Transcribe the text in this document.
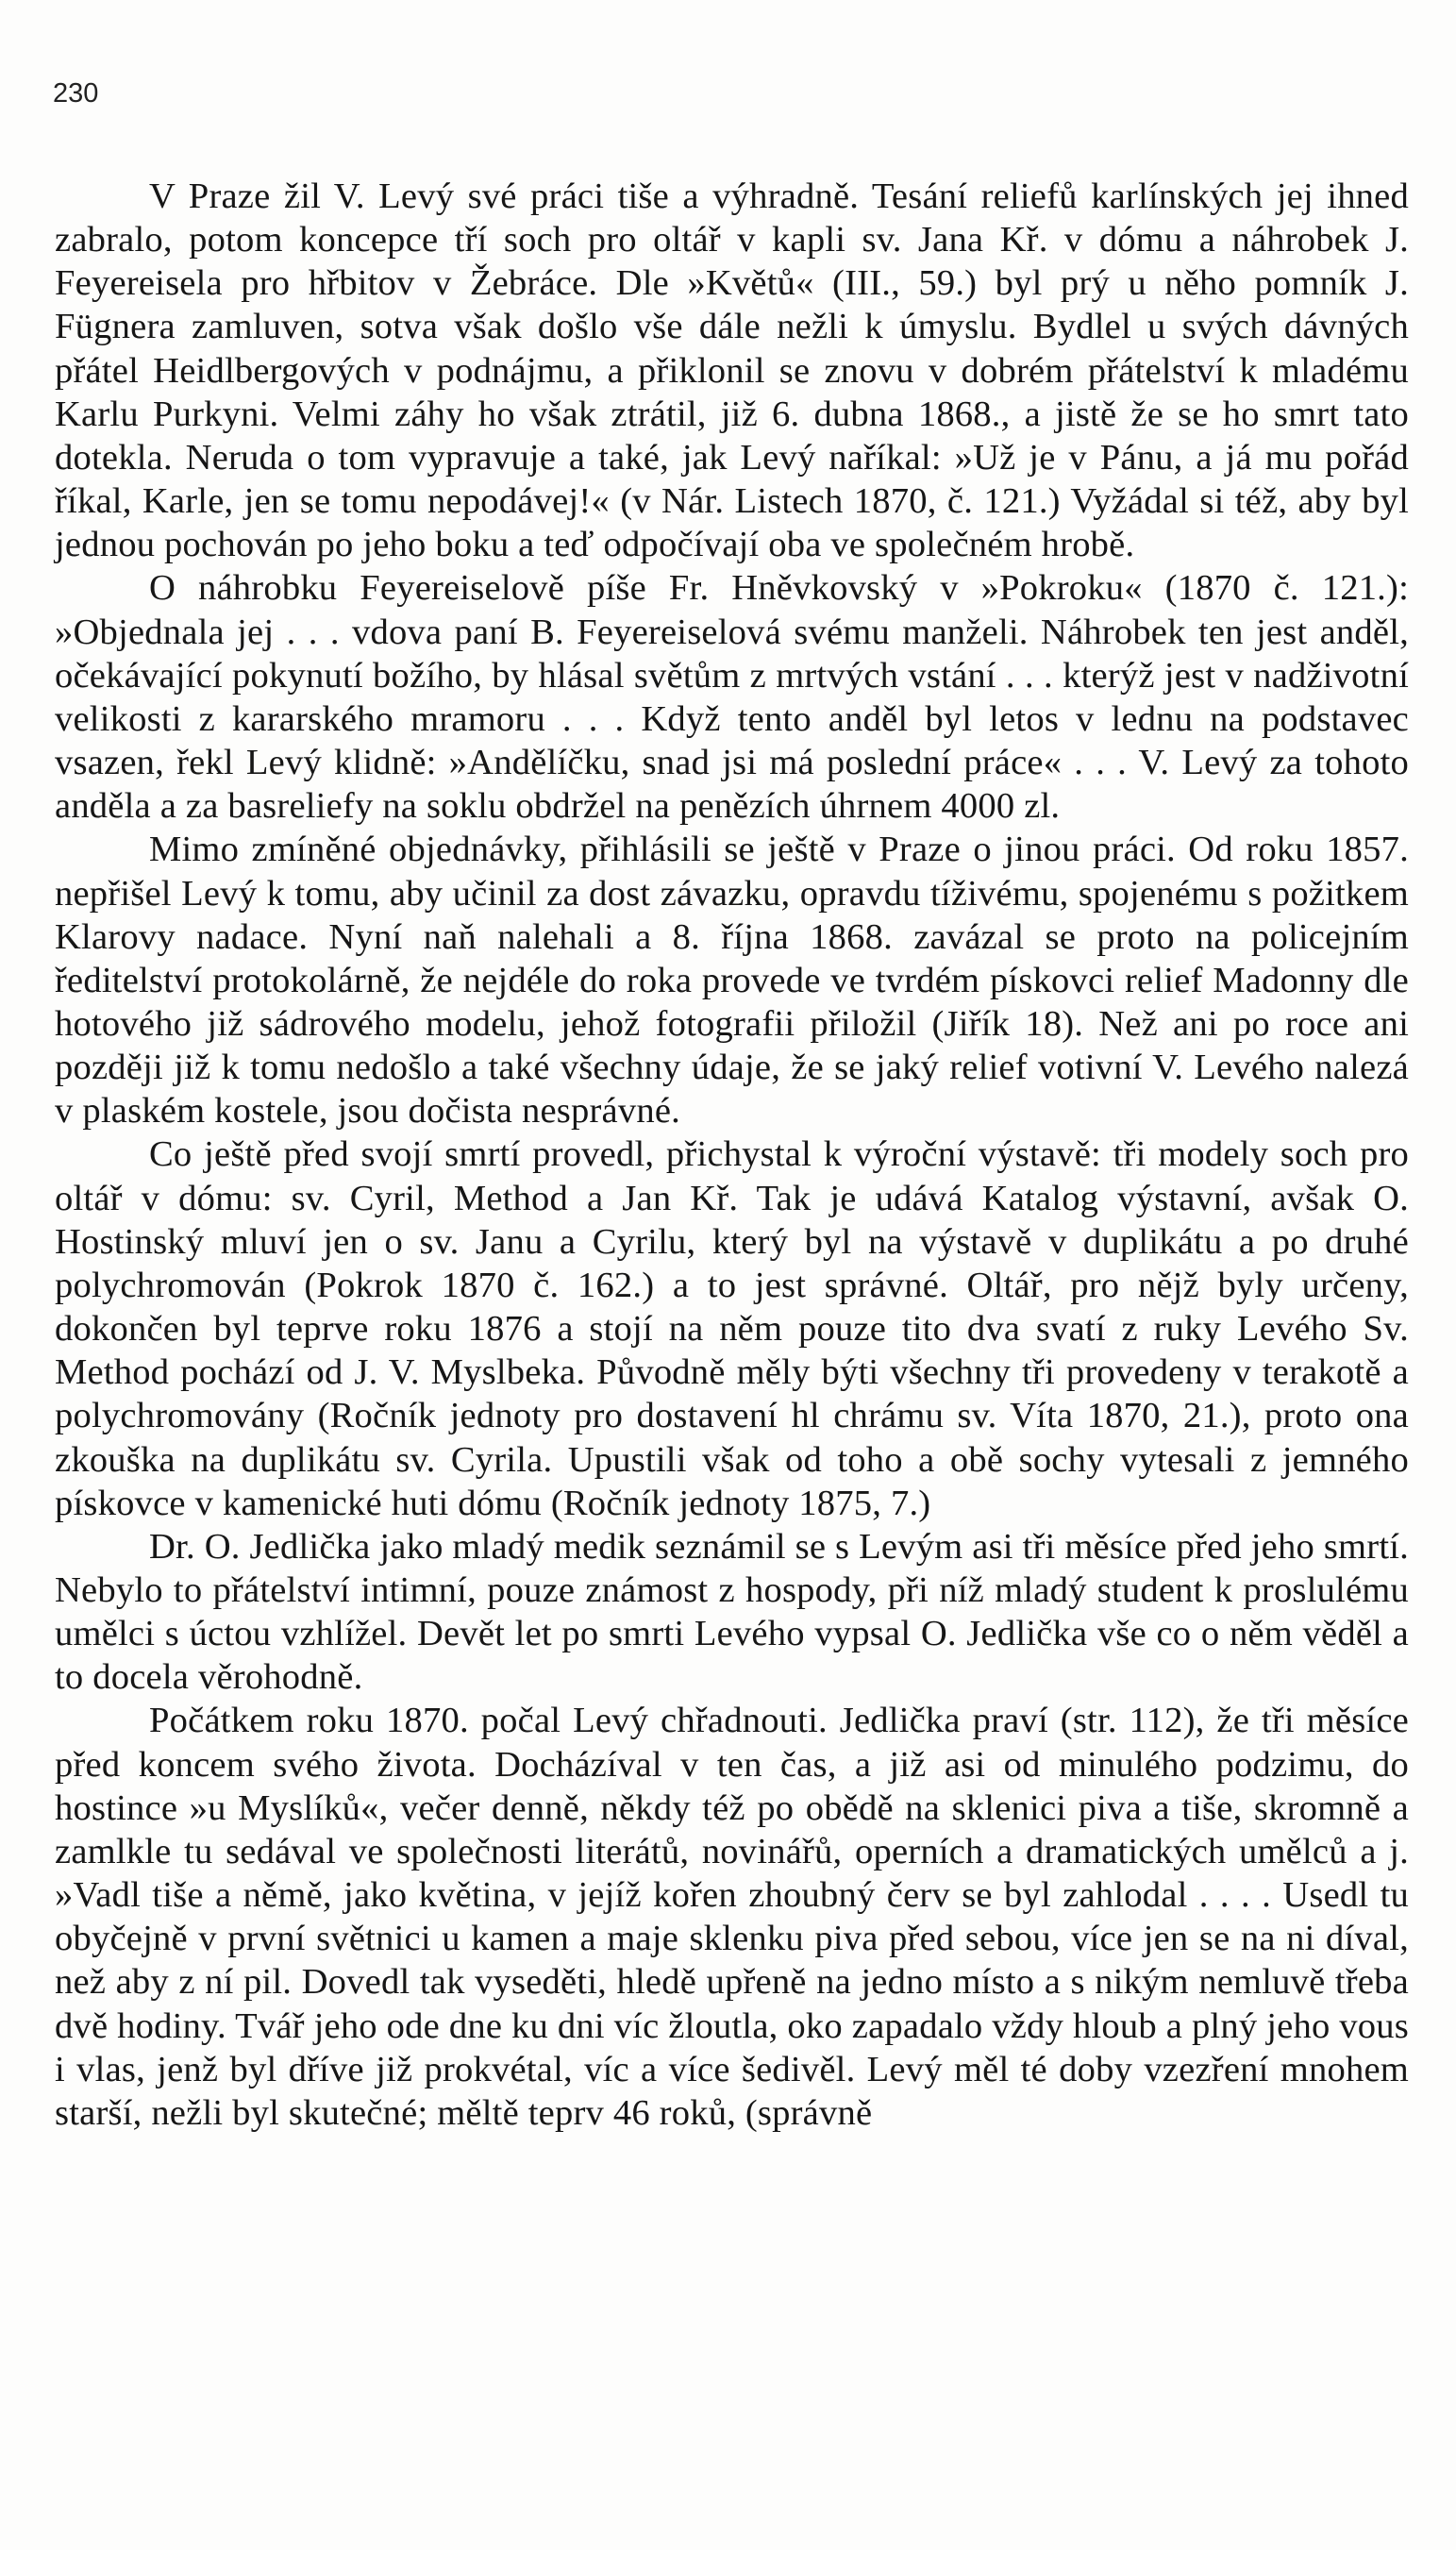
230

V Praze žil V. Levý své práci tiše a výhradně. Tesání reliefů karlínských jej ihned zabralo, potom koncepce tří soch pro oltář v kapli sv. Jana Kř. v dómu a náhrobek J. Feyereisela pro hřbitov v Žebráce. Dle »Květů« (III., 59.) byl prý u něho pomník J. Fügnera zamluven, sotva však došlo vše dále nežli k úmyslu. Bydlel u svých dávných přátel Heidlbergových v podnájmu, a přiklonil se znovu v dobrém přátelství k mladému Karlu Purkyni. Velmi záhy ho však ztrátil, již 6. dubna 1868., a jistě že se ho smrt tato dotekla. Neruda o tom vypravuje a také, jak Levý naříkal: »Už je v Pánu, a já mu pořád říkal, Karle, jen se tomu nepodávej!« (v Nár. Listech 1870, č. 121.) Vyžádal si též, aby byl jednou pochován po jeho boku a teď odpočívají oba ve společném hrobě.

O náhrobku Feyereiselově píše Fr. Hněvkovský v »Pokroku« (1870 č. 121.): »Objednala jej . . . vdova paní B. Feyereiselová svému manželi. Náhrobek ten jest anděl, očekávající pokynutí božího, by hlásal světům z mrtvých vstání . . . kterýž jest v nadživotní velikosti z kararského mramoru . . . Když tento anděl byl letos v lednu na podstavec vsazen, řekl Levý klidně: »Andělíčku, snad jsi má poslední práce« . . . V. Levý za tohoto anděla a za basreliefy na soklu obdržel na penězích úhrnem 4000 zl.

Mimo zmíněné objednávky, přihlásili se ještě v Praze o jinou práci. Od roku 1857. nepřišel Levý k tomu, aby učinil za dost závazku, opravdu tíživému, spojenému s požitkem Klarovy nadace. Nyní naň nalehali a 8. října 1868. zavázal se proto na policejním ředitelství protokolárně, že nejdéle do roka provede ve tvrdém pískovci relief Madonny dle hotového již sádrového modelu, jehož fotografii přiložil (Jiřík 18). Než ani po roce ani později již k tomu nedošlo a také všechny údaje, že se jaký relief votivní V. Levého nalezá v plaském kostele, jsou dočista nesprávné.

Co ještě před svojí smrtí provedl, přichystal k výroční výstavě: tři modely soch pro oltář v dómu: sv. Cyril, Method a Jan Kř. Tak je udává Katalog výstavní, avšak O. Hostinský mluví jen o sv. Janu a Cyrilu, který byl na výstavě v duplikátu a po druhé polychromován (Pokrok 1870 č. 162.) a to jest správné. Oltář, pro nějž byly určeny, dokončen byl teprve roku 1876 a stojí na něm pouze tito dva svatí z ruky Levého Sv. Method pochází od J. V. Myslbeka. Původně měly býti všechny tři provedeny v terakotě a polychromovány (Ročník jednoty pro dostavení hl chrámu sv. Víta 1870, 21.), proto ona zkouška na duplikátu sv. Cyrila. Upustili však od toho a obě sochy vytesali z jemného pískovce v kamenické huti dómu (Ročník jednoty 1875, 7.)

Dr. O. Jedlička jako mladý medik seznámil se s Levým asi tři měsíce před jeho smrtí. Nebylo to přátelství intimní, pouze známost z hospody, při níž mladý student k proslulému umělci s úctou vzhlížel. Devět let po smrti Levého vypsal O. Jedlička vše co o něm věděl a to docela věrohodně.

Počátkem roku 1870. počal Levý chřadnouti. Jedlička praví (str. 112), že tři měsíce před koncem svého života. Docházíval v ten čas, a již asi od minulého podzimu, do hostince »u Myslíků«, večer denně, někdy též po obědě na sklenici piva a tiše, skromně a zamlkle tu sedával ve společnosti literátů, novinářů, operních a dramatických umělců a j. »Vadl tiše a němě, jako květina, v jejíž kořen zhoubný červ se byl zahlodal . . . . Usedl tu obyčejně v první světnici u kamen a maje sklenku piva před sebou, více jen se na ni díval, než aby z ní pil. Dovedl tak vyseděti, hledě upřeně na jedno místo a s nikým nemluvě třeba dvě hodiny. Tvář jeho ode dne ku dni víc žloutla, oko zapadalo vždy hloub a plný jeho vous i vlas, jenž byl dříve již prokvétal, víc a více šedivěl. Levý měl té doby vzezření mnohem starší, nežli byl skutečné; měltě teprv 46 roků, (správně
